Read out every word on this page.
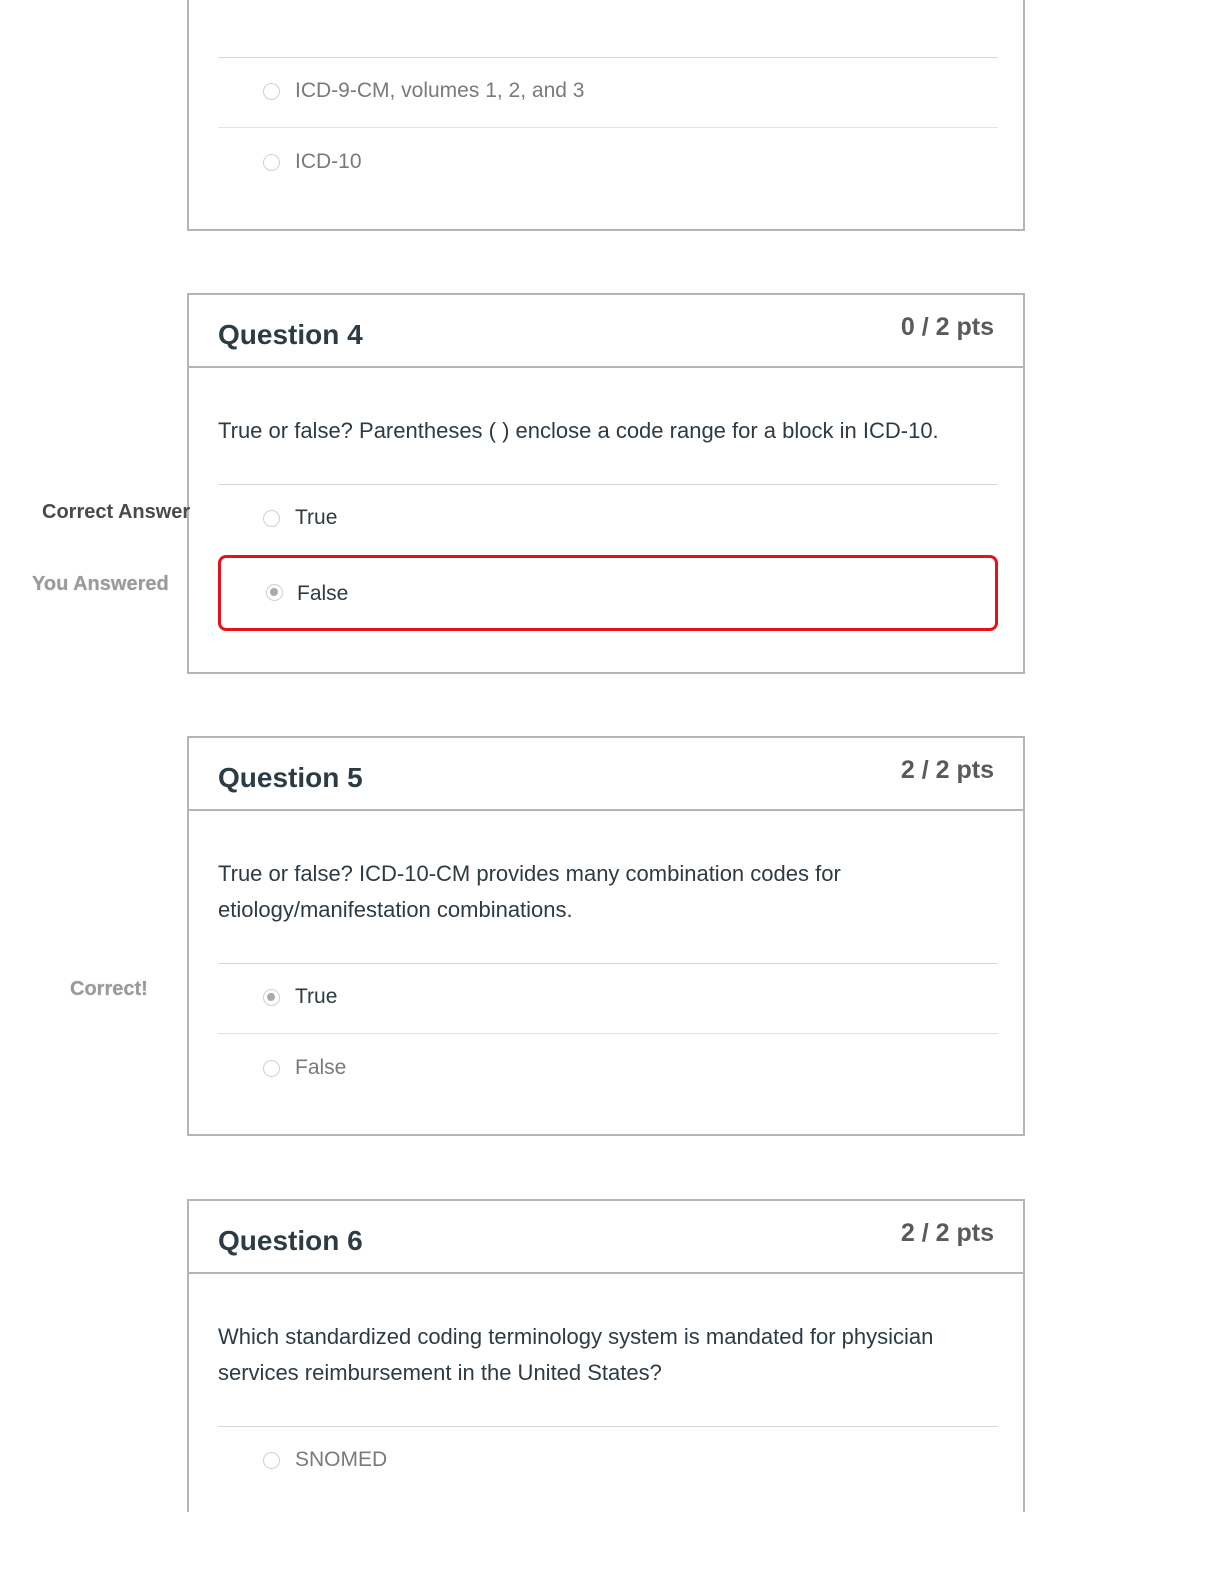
ICD-9-CM, volumes 1, 2, and 3
ICD-10
Question 4	0 / 2 pts
True or false? Parentheses ( ) enclose a code range for a block in ICD-10.
True
False
Correct Answer
You Answered
Question 5	2 / 2 pts
True or false? ICD-10-CM provides many combination codes for etiology/manifestation combinations.
True
False
Correct!
Question 6	2 / 2 pts
Which standardized coding terminology system is mandated for physician services reimbursement in the United States?
SNOMED
